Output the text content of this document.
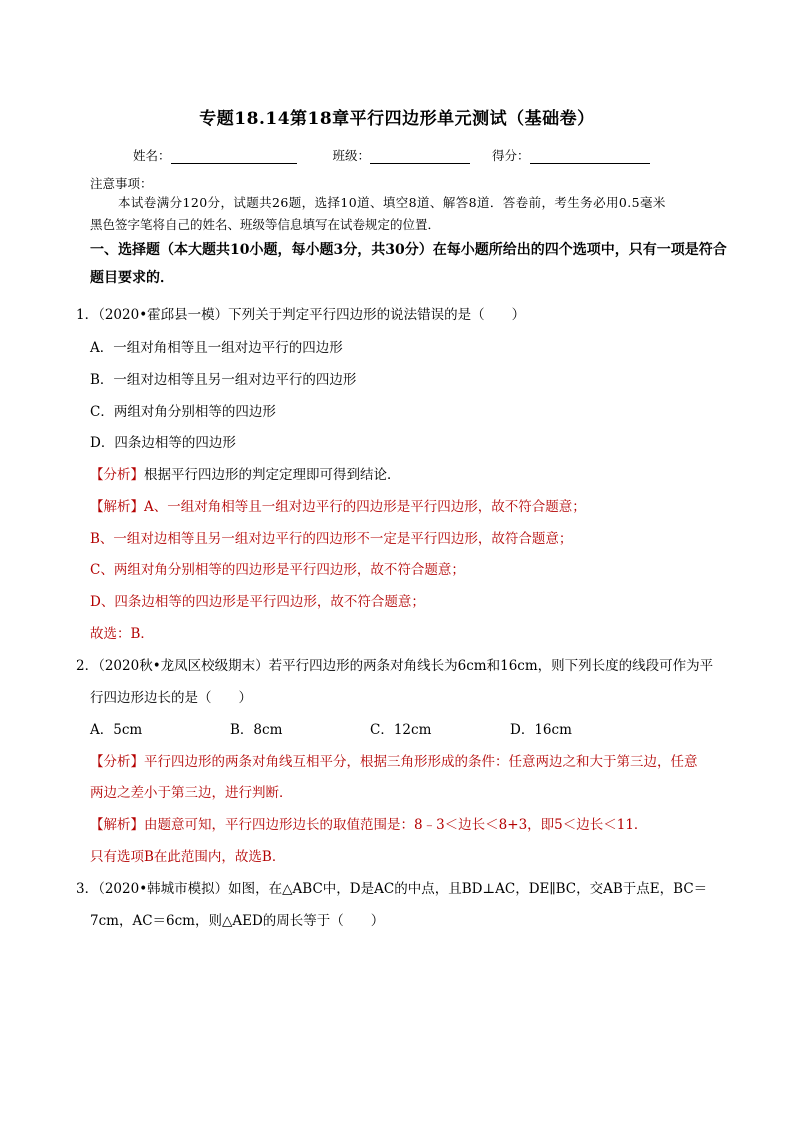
专题18.14第18章平行四边形单元测试（基础卷）
姓名：	班级：	得分：
注意事项：
本试卷满分120分，试题共26题，选择10道、填空8道、解答8道．答卷前，考生务必用0.5毫米
黑色签字笔将自己的姓名、班级等信息填写在试卷规定的位置．
一、选择题（本大题共10小题，每小题3分，共30分）在每小题所给出的四个选项中，只有一项是符合
题目要求的．
1．（2020•霍邱县一模）下列关于判定平行四边形的说法错误的是（　　）
A．一组对角相等且一组对边平行的四边形
B．一组对边相等且另一组对边平行的四边形
C．两组对角分别相等的四边形
D．四条边相等的四边形
【分析】根据平行四边形的判定定理即可得到结论．
【解析】A、一组对角相等且一组对边平行的四边形是平行四边形，故不符合题意；
B、一组对边相等且另一组对边平行的四边形不一定是平行四边形，故符合题意；
C、两组对角分别相等的四边形是平行四边形，故不符合题意；
D、四条边相等的四边形是平行四边形，故不符合题意；
故选：B．
2．（2020秋•龙凤区校级期末）若平行四边形的两条对角线长为6cm和16cm，则下列长度的线段可作为平
行四边形边长的是（　　）
A．5cm	B．8cm	C．12cm	D．16cm
【分析】平行四边形的两条对角线互相平分，根据三角形形成的条件：任意两边之和大于第三边，任意
两边之差小于第三边，进行判断．
【解析】由题意可知，平行四边形边长的取值范围是：8﹣3＜边长＜8+3，即5＜边长＜11．
只有选项B在此范围内，故选B．
3．（2020•韩城市模拟）如图，在△ABC中，D是AC的中点，且BD⊥AC，DE∥BC，交AB于点E，BC＝
7cm，AC＝6cm，则△AED的周长等于（　　）
